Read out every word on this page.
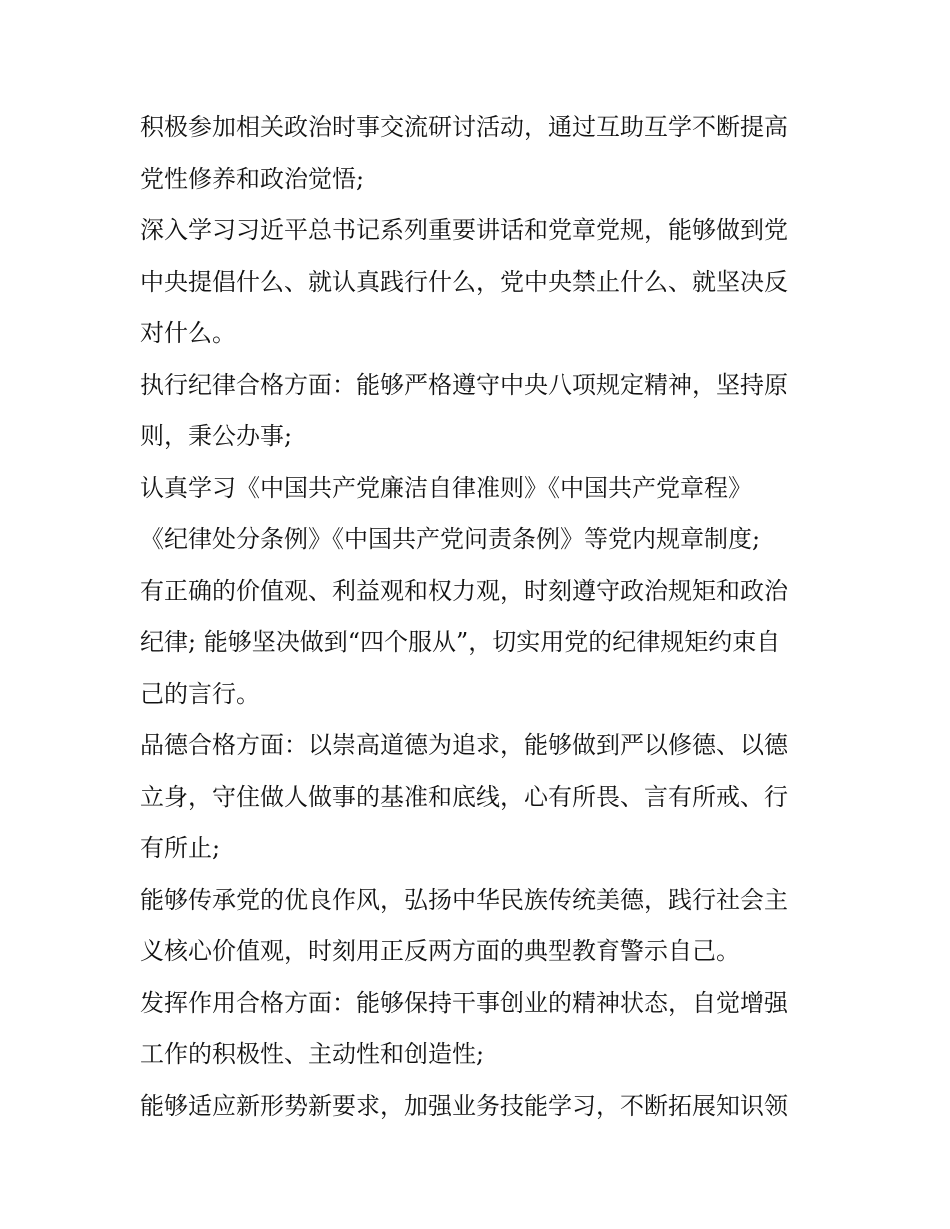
积极参加相关政治时事交流研讨活动，通过互助互学不断提高
党性修养和政治觉悟;
深入学习习近平总书记系列重要讲话和党章党规，能够做到党
中央提倡什么、就认真践行什么，党中央禁止什么、就坚决反
对什么。
执行纪律合格方面：能够严格遵守中央八项规定精神，坚持原
则，秉公办事;
认真学习《中国共产党廉洁自律准则》《中国共产党章程》
《纪律处分条例》《中国共产党问责条例》等党内规章制度;
有正确的价值观、利益观和权力观，时刻遵守政治规矩和政治
纪律; 能够坚决做到“四个服从”，切实用党的纪律规矩约束自
己的言行。
品德合格方面：以崇高道德为追求，能够做到严以修德、以德
立身，守住做人做事的基准和底线，心有所畏、言有所戒、行
有所止;
能够传承党的优良作风，弘扬中华民族传统美德，践行社会主
义核心价值观，时刻用正反两方面的典型教育警示自己。
发挥作用合格方面：能够保持干事创业的精神状态，自觉增强
工作的积极性、主动性和创造性;
能够适应新形势新要求，加强业务技能学习，不断拓展知识领
